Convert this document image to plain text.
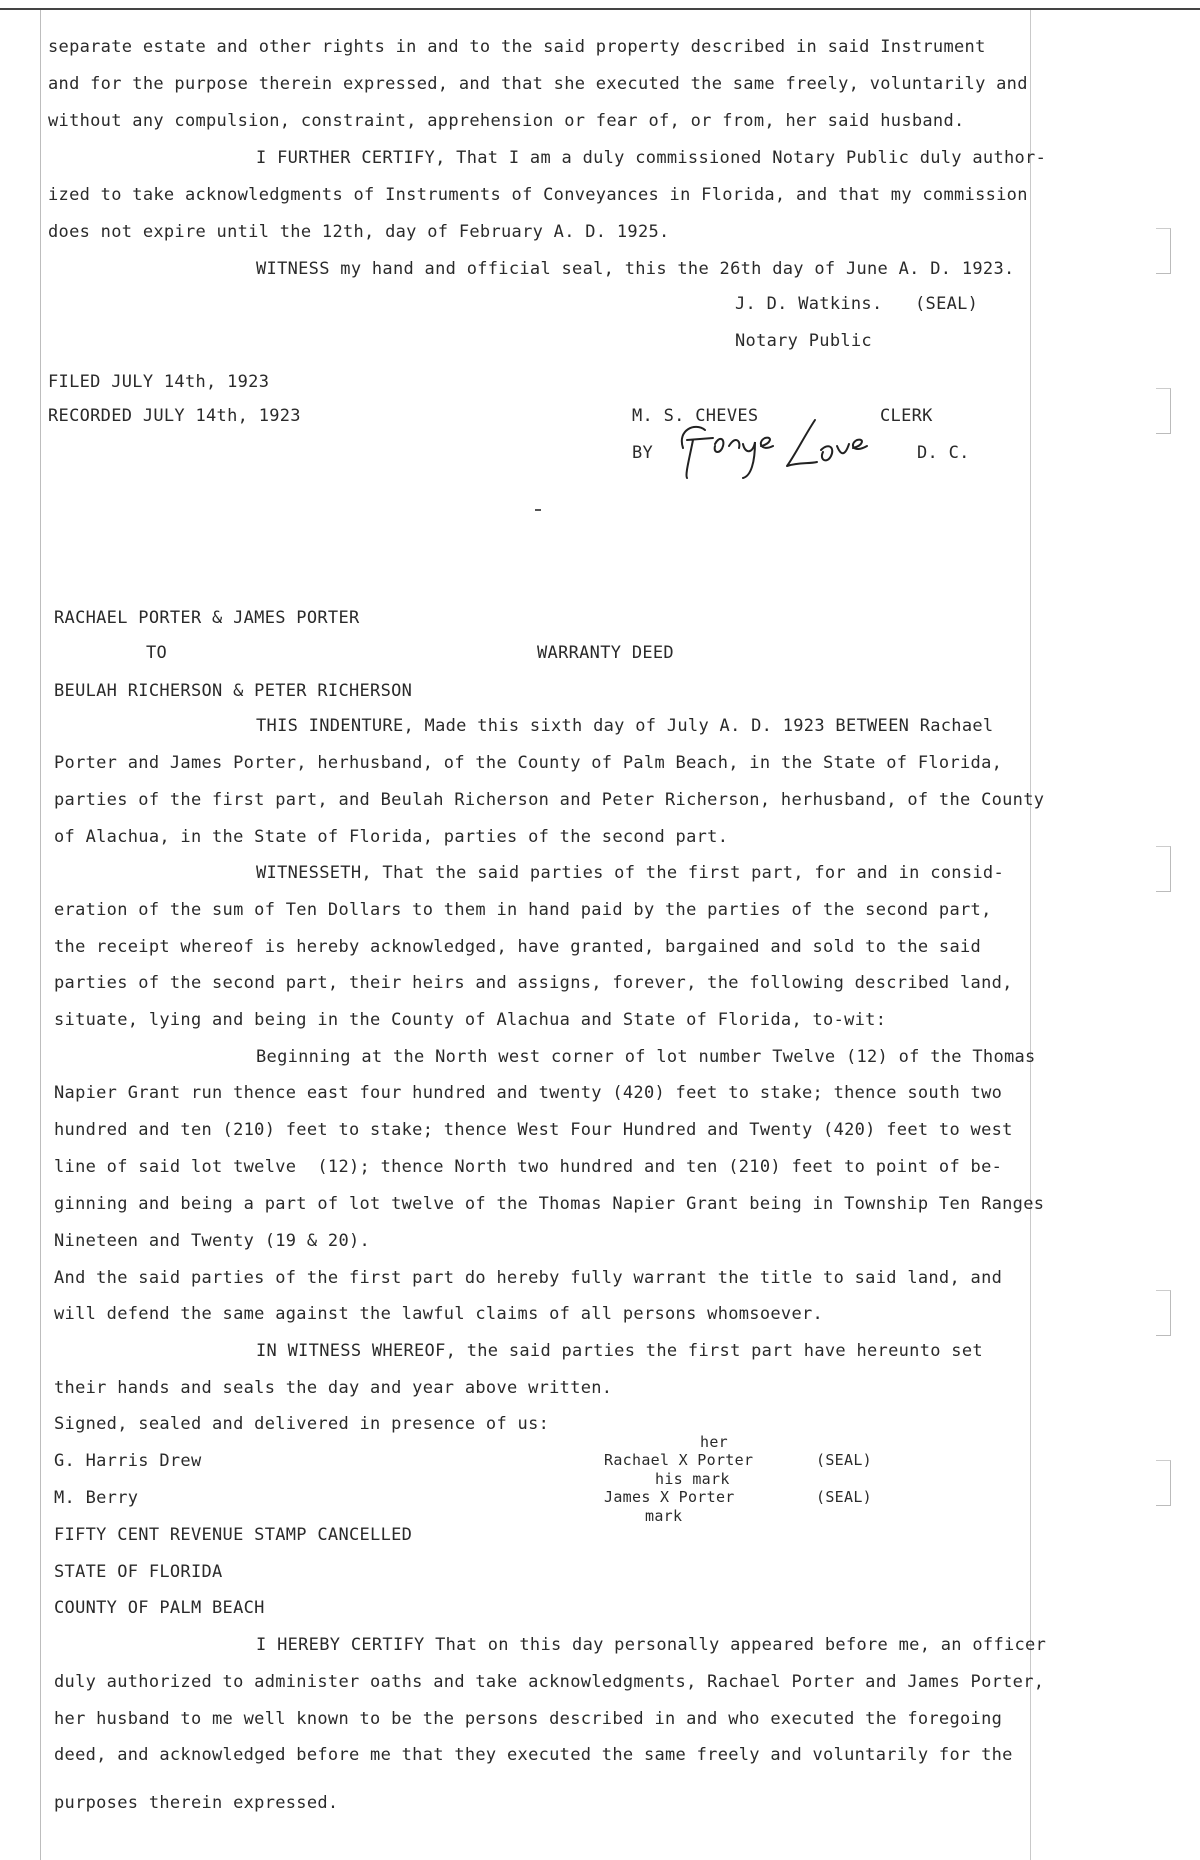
separate estate and other rights in and to the said property described in said Instrument
and for the purpose therein expressed, and that she executed the same freely, voluntarily and
without any compulsion, constraint, apprehension or fear of, or from, her said husband.
I FURTHER CERTIFY, That I am a duly commissioned Notary Public duly author-
ized to take acknowledgments of Instruments of Conveyances in Florida, and that my commission
does not expire until the 12th, day of February A. D. 1925.
WITNESS my hand and official seal, this the 26th day of June A. D. 1923.
J. D. Watkins. (SEAL)
Notary Public
FILED JULY 14th, 1923
RECORDED JULY 14th, 1923	M. S. CHEVES	CLERK
BY	D. C.
RACHAEL PORTER & JAMES PORTER
TO	WARRANTY DEED
BEULAH RICHERSON & PETER RICHERSON
THIS INDENTURE, Made this sixth day of July A. D. 1923 BETWEEN Rachael
Porter and James Porter, herhusband, of the County of Palm Beach, in the State of Florida,
parties of the first part, and Beulah Richerson and Peter Richerson, herhusband, of the County
of Alachua, in the State of Florida, parties of the second part.
WITNESSETH, That the said parties of the first part, for and in consid-
eration of the sum of Ten Dollars to them in hand paid by the parties of the second part,
the receipt whereof is hereby acknowledged, have granted, bargained and sold to the said
parties of the second part, their heirs and assigns, forever, the following described land,
situate, lying and being in the County of Alachua and State of Florida, to-wit:
Beginning at the North west corner of lot number Twelve (12) of the Thomas
Napier Grant run thence east four hundred and twenty (420) feet to stake; thence south two
hundred and ten (210) feet to stake; thence West Four Hundred and Twenty (420) feet to west
line of said lot twelve  (12); thence North two hundred and ten (210) feet to point of be-
ginning and being a part of lot twelve of the Thomas Napier Grant being in Township Ten Ranges
Nineteen and Twenty (19 & 20).
And the said parties of the first part do hereby fully warrant the title to said land, and
will defend the same against the lawful claims of all persons whomsoever.
IN WITNESS WHEREOF, the said parties the first part have hereunto set
their hands and seals the day and year above written.
Signed, sealed and delivered in presence of us:
G. Harris Drew
M. Berry
her
Rachael X Porter	(SEAL)
his mark
James X Porter	(SEAL)
mark
FIFTY CENT REVENUE STAMP CANCELLED
STATE OF FLORIDA
COUNTY OF PALM BEACH
I HEREBY CERTIFY That on this day personally appeared before me, an officer
duly authorized to administer oaths and take acknowledgments, Rachael Porter and James Porter,
her husband to me well known to be the persons described in and who executed the foregoing
deed, and acknowledged before me that they executed the same freely and voluntarily for the
purposes therein expressed.
